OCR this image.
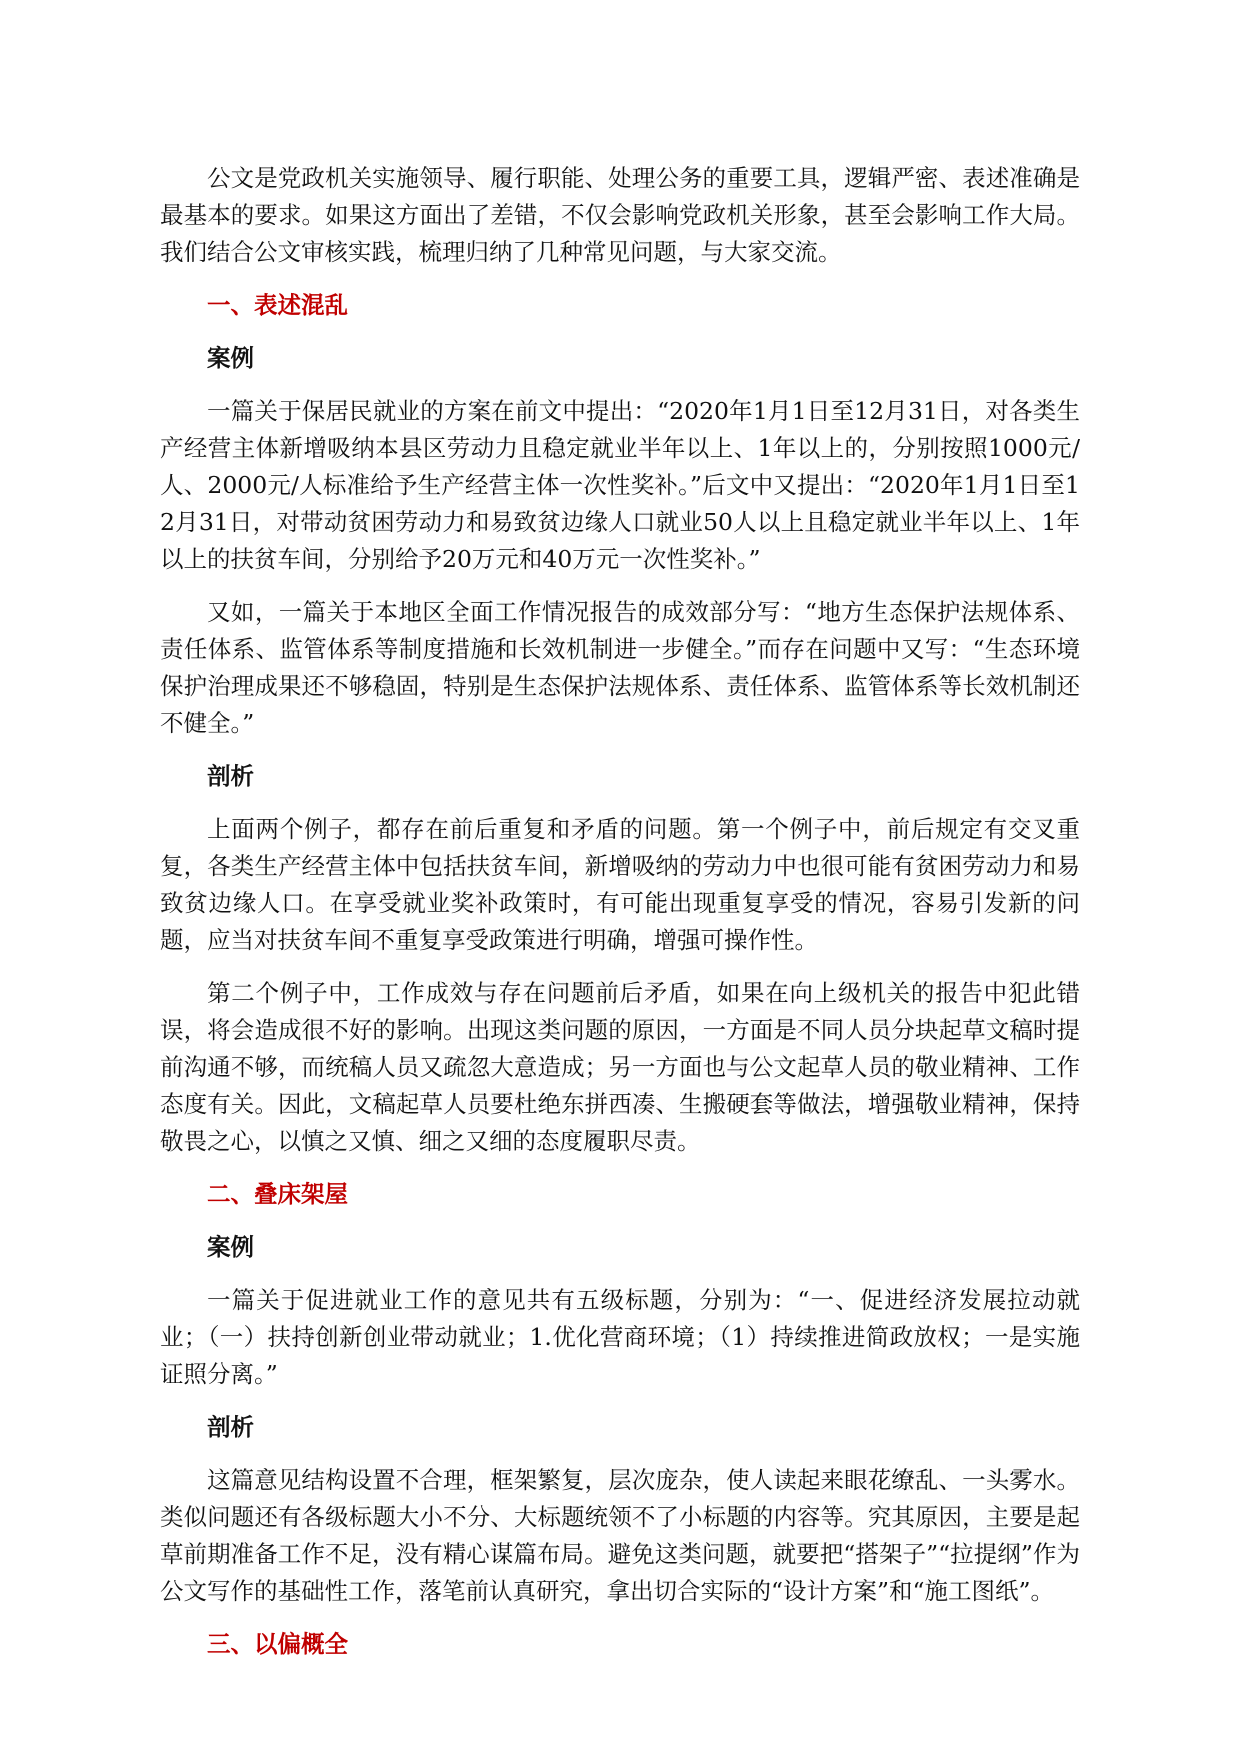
公文是党政机关实施领导、履行职能、处理公务的重要工具，逻辑严密、表述准确是最基本的要求。如果这方面出了差错，不仅会影响党政机关形象，甚至会影响工作大局。我们结合公文审核实践，梳理归纳了几种常见问题，与大家交流。

一、表述混乱
案例

一篇关于保居民就业的方案在前文中提出：“2020年1月1日至12月31日，对各类生产经营主体新增吸纳本县区劳动力且稳定就业半年以上、1年以上的，分别按照1000元/人、2000元/人标准给予生产经营主体一次性奖补。”后文中又提出：“2020年1月1日至12月31日，对带动贫困劳动力和易致贫边缘人口就业50人以上且稳定就业半年以上、1年以上的扶贫车间，分别给予20万元和40万元一次性奖补。”

又如，一篇关于本地区全面工作情况报告的成效部分写：“地方生态保护法规体系、责任体系、监管体系等制度措施和长效机制进一步健全。”而存在问题中又写：“生态环境保护治理成果还不够稳固，特别是生态保护法规体系、责任体系、监管体系等长效机制还不健全。”

剖析

上面两个例子，都存在前后重复和矛盾的问题。第一个例子中，前后规定有交叉重复，各类生产经营主体中包括扶贫车间，新增吸纳的劳动力中也很可能有贫困劳动力和易致贫边缘人口。在享受就业奖补政策时，有可能出现重复享受的情况，容易引发新的问题，应当对扶贫车间不重复享受政策进行明确，增强可操作性。

第二个例子中，工作成效与存在问题前后矛盾，如果在向上级机关的报告中犯此错误，将会造成很不好的影响。出现这类问题的原因，一方面是不同人员分块起草文稿时提前沟通不够，而统稿人员又疏忽大意造成；另一方面也与公文起草人员的敬业精神、工作态度有关。因此，文稿起草人员要杜绝东拼西凑、生搬硬套等做法，增强敬业精神，保持敬畏之心，以慎之又慎、细之又细的态度履职尽责。

二、叠床架屋
案例

一篇关于促进就业工作的意见共有五级标题，分别为：“一、促进经济发展拉动就业；（一）扶持创新创业带动就业；1.优化营商环境；（1）持续推进简政放权；一是实施证照分离。”

剖析

这篇意见结构设置不合理，框架繁复，层次庞杂，使人读起来眼花缭乱、一头雾水。类似问题还有各级标题大小不分、大标题统领不了小标题的内容等。究其原因，主要是起草前期准备工作不足，没有精心谋篇布局。避免这类问题，就要把“搭架子”“拉提纲”作为公文写作的基础性工作，落笔前认真研究，拿出切合实际的“设计方案”和“施工图纸”。

三、以偏概全
